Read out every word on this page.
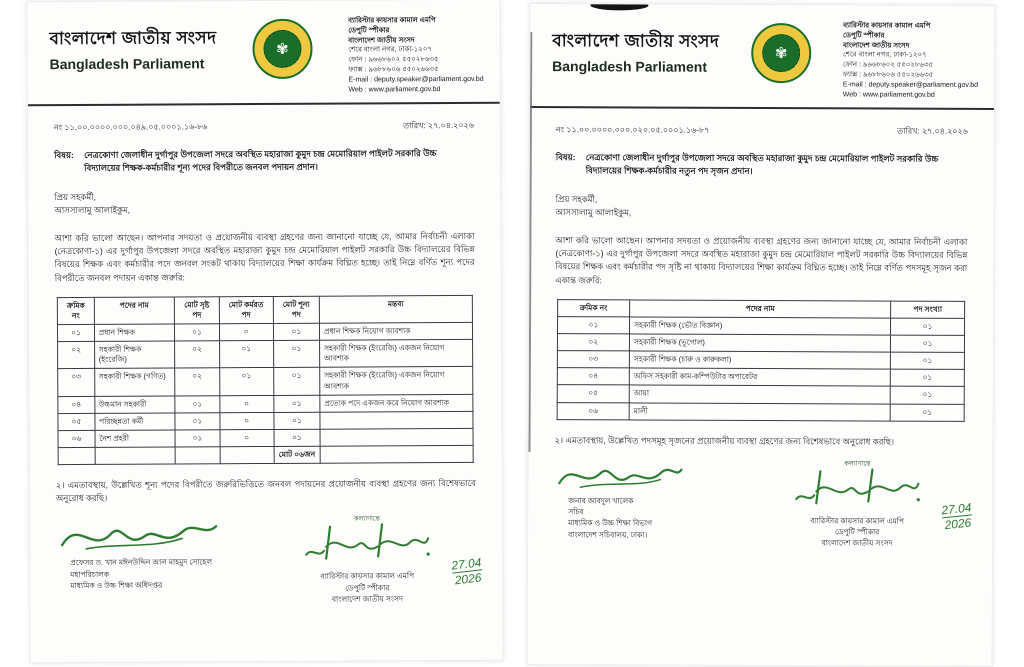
বাংলাদেশ জাতীয় সংসদ
Bangladesh Parliament
✾
ব্যারিস্টার কায়সার কামাল এমপি
ডেপুটি স্পীকার
বাংলাদেশ জাতীয় সংসদ
শেরে বাংলা নগর, ঢাকা-১২০৭
ফোন : ৯৬৬৮৬০২ ৫৫০২৮৬৩৫
ফ্যাক্স : ৯৬৮৮৬০৬ ৫৫০২৬৬৩৫
E-mail : deputy.speaker@parliament.gov.bd
Web : www.parliament.gov.bd
নং ১১.০০.০০০০.০০০.০৪৯.০৫.০০০১.১৬-৮৬	তারিখ: ২৭.০৪.২০২৬
বিষয়: নেত্রকোণা জেলাধীন দুর্গাপুর উপজেলা সদরে অবস্থিত মহারাজা কুমুদ চন্দ্র মেমোরিয়াল পাইলট সরকারি উচ্চ বিদ্যালয়ের শিক্ষক-কর্মচারীর শূন্য পদের বিপরীতে জনবল পদায়ন প্রদান।
প্রিয় সহকর্মী,
আসসালামু আলাইকুম,
আশা করি ভালো আছেন। আপনার সদয়তা ও প্রয়োজনীয় ব্যবস্থা গ্রহণের জন্য জানানো যাচ্ছে যে, আমার নির্বাচনী এলাকা (নেত্রকোণা-১) এর দুর্গাপুর উপজেলা সদরে অবস্থিত মহারাজা কুমুদ চন্দ্র মেমোরিয়াল পাইলট সরকারি উচ্চ বিদ্যালয়ের বিভিন্ন বিষয়ের শিক্ষক এবং কর্মচারীর পদে জনবল সংকট থাকায় বিদ্যালয়ের শিক্ষা কার্যক্রম বিঘ্নিত হচ্ছে। তাই নিম্নে বর্ণিত শূন্য পদের বিপরীতে জনবল পদায়ন একান্ত জরুরি:
ক্রমিক নং	পদের নাম	মোট সৃষ্ট পদ	মোট কর্মরত পদ	মোট শূন্য পদ	মন্তব্য
০১	প্রধান শিক্ষক	০১	০	০১	প্রধান শিক্ষক নিয়োগ আবশ্যক
০২	সহকারী শিক্ষক (ইংরেজি)	০২	০১	০১	সহকারী শিক্ষক (ইংরেজি) একজন নিয়োগ আবশ্যক
০৩	সহকারী শিক্ষক (গণিত)	০২	০১	০১	সহকারী শিক্ষক (ইংরেজি) একজন নিয়োগ আবশ্যক
০৪	উচ্চমান সহকারী	০১	০	০১	প্রত্যেক পদে একজন করে নিয়োগ আবশ্যক
০৫	পরিচ্ছন্নতা কর্মী	০১	০	০১	
০৬	নৈশ প্রহরী	০১	০	০১	
				মোট ০৬জন	
২। এমতাবস্থায়, উল্লেখিত শূন্য পদের বিপরীতে জরুরিভিত্তিতে জনবল পদায়নের প্রয়োজনীয় ব্যবস্থা গ্রহণের জন্য বিশেষভাবে অনুরোধ করছি।
প্রফেসর ড. খান মঈনউদ্দিন আল মাহমুদ সোহেল
মহাপরিচালক
মাধ্যমিক ও উচ্চ শিক্ষা অধিদপ্তর
কল্যাণান্তে
ব্যারিস্টার কায়সার কামাল এমপি
ডেপুটি স্পীকার
বাংলাদেশ জাতীয় সংসদ
27.04
2026
বাংলাদেশ জাতীয় সংসদ
Bangladesh Parliament
✾
ব্যারিস্টার কায়সার কামাল এমপি
ডেপুটি স্পীকার
বাংলাদেশ জাতীয় সংসদ
শেরে বাংলা নগর, ঢাকা-১২০৭
ফোন : ৯৬৬৮৬০২ ৫৫০২৮৬৩৫
ফ্যাক্স : ৯৬৮৮৬০৬ ৫৫০২৬৬৩৫
E-mail : deputy.speaker@parliament.gov.bd
Web : www.parliament.gov.bd
নং ১১.০০.০০০০.০০০.০২০.০৫.০০০১.১৬-৮৭	তারিখ: ২৭.০৪.২০২৬
বিষয়: নেত্রকোণা জেলাধীন দুর্গাপুর উপজেলা সদরে অবস্থিত মহারাজা কুমুদ চন্দ্র মেমোরিয়াল পাইলট সরকারি উচ্চ বিদ্যালয়ের শিক্ষক-কর্মচারীর নতুন পদ সৃজন প্রদান।
প্রিয় সহকর্মী,
আসসালামু আলাইকুম,
আশা করি ভালো আছেন। আপনার সদয়তা ও প্রয়োজনীয় ব্যবস্থা গ্রহণের জন্য জানানো যাচ্ছে যে, আমার নির্বাচনী এলাকা (নেত্রকোণা-১) এর দুর্গাপুর উপজেলা সদরে অবস্থিত মহারাজা কুমুদ চন্দ্র মেমোরিয়াল পাইলট সরকারি উচ্চ বিদ্যালয়ের বিভিন্ন বিষয়ের শিক্ষক এবং কর্মচারীর পদ সৃষ্টি না থাকায় বিদ্যালয়ের শিক্ষা কার্যক্রম বিঘ্নিত হচ্ছে। তাই নিম্নে বর্ণিত পদসমূহ সৃজন করা একান্ত জরুরি:
ক্রমিক নং	পদের নাম	পদ সংখ্যা
০১	সহকারী শিক্ষক (ভৌত বিজ্ঞান)	০১
০২	সহকারী শিক্ষক (ভূগোল)	০১
০৩	সহকারী শিক্ষক (চারু ও কারুকলা)	০১
০৪	অফিস সহকারী কাম-কম্পিউটার অপারেটর	০১
০৫	আয়া	০১
০৬	মালী	০১
২। এমতাবস্থায়, উল্লেখিত পদসমূহ সৃজনের প্রয়োজনীয় ব্যবস্থা গ্রহণের জন্য বিশেষভাবে অনুরোধ করছি।
জনাব আবদুল খালেক
সচিব
মাধ্যমিক ও উচ্চ শিক্ষা বিভাগ
বাংলাদেশ সচিবালয়, ঢাকা।
কল্যাণান্তে
ব্যারিস্টার কায়সার কামাল এমপি
ডেপুটি স্পীকার
বাংলাদেশ জাতীয় সংসদ
27.04
2026
